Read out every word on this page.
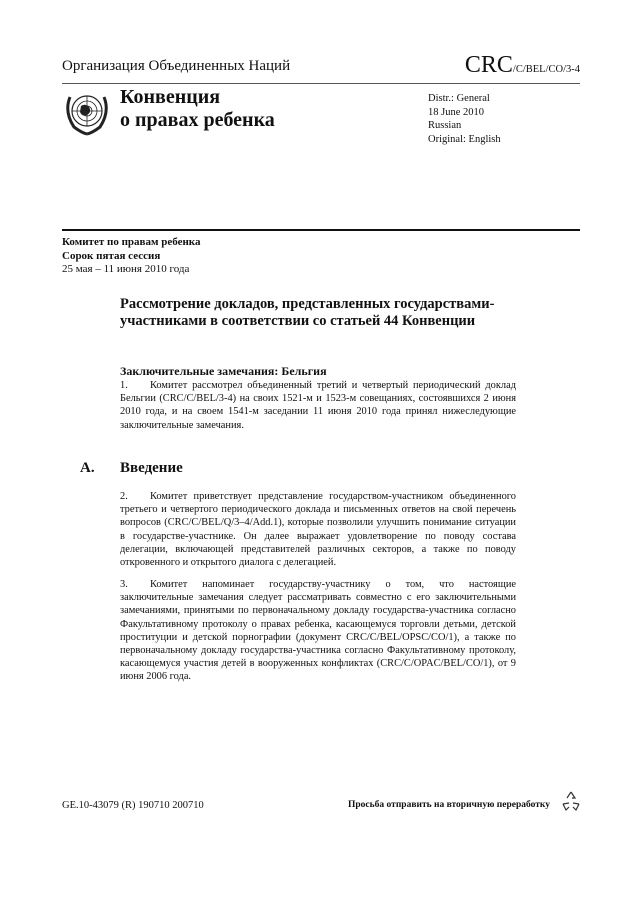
Организация Объединенных Наций	CRC/C/BEL/CO/3-4
Конвенция
о правах ребенка
Distr.: General
18 June 2010
Russian
Original: English
Комитет по правам ребенка
Сорок пятая сессия
25 мая – 11 июня 2010 года
Рассмотрение докладов, представленных государствами-участниками в соответствии со статьей 44 Конвенции
Заключительные замечания: Бельгия
1. Комитет рассмотрел объединенный третий и четвертый периодический доклад Бельгии (CRC/C/BEL/3-4) на своих 1521-м и 1523-м совещаниях, состоявшихся 2 июня 2010 года, и на своем 1541-м заседании 11 июня 2010 года принял нижеследующие заключительные замечания.
A. Введение
2. Комитет приветствует представление государством-участником объединенного третьего и четвертого периодического доклада и письменных ответов на свой перечень вопросов (CRC/C/BEL/Q/3–4/Add.1), которые позволили улучшить понимание ситуации в государстве-участнике. Он далее выражает удовлетворение по поводу состава делегации, включающей представителей различных секторов, а также по поводу откровенного и открытого диалога с делегацией.
3. Комитет напоминает государству-участнику о том, что настоящие заключительные замечания следует рассматривать совместно с его заключительными замечаниями, принятыми по первоначальному докладу государства-участника согласно Факультативному протоколу о правах ребенка, касающемуся торговли детьми, детской проституции и детской порнографии (документ CRC/C/BEL/OPSC/CO/1), а также по первоначальному докладу государства-участника согласно Факультативному протоколу, касающемуся участия детей в вооруженных конфликтах (CRC/C/OPAC/BEL/CO/1), от 9 июня 2006 года.
GE.10-43079 (R) 190710 200710	Просьба отправить на вторичную переработку
